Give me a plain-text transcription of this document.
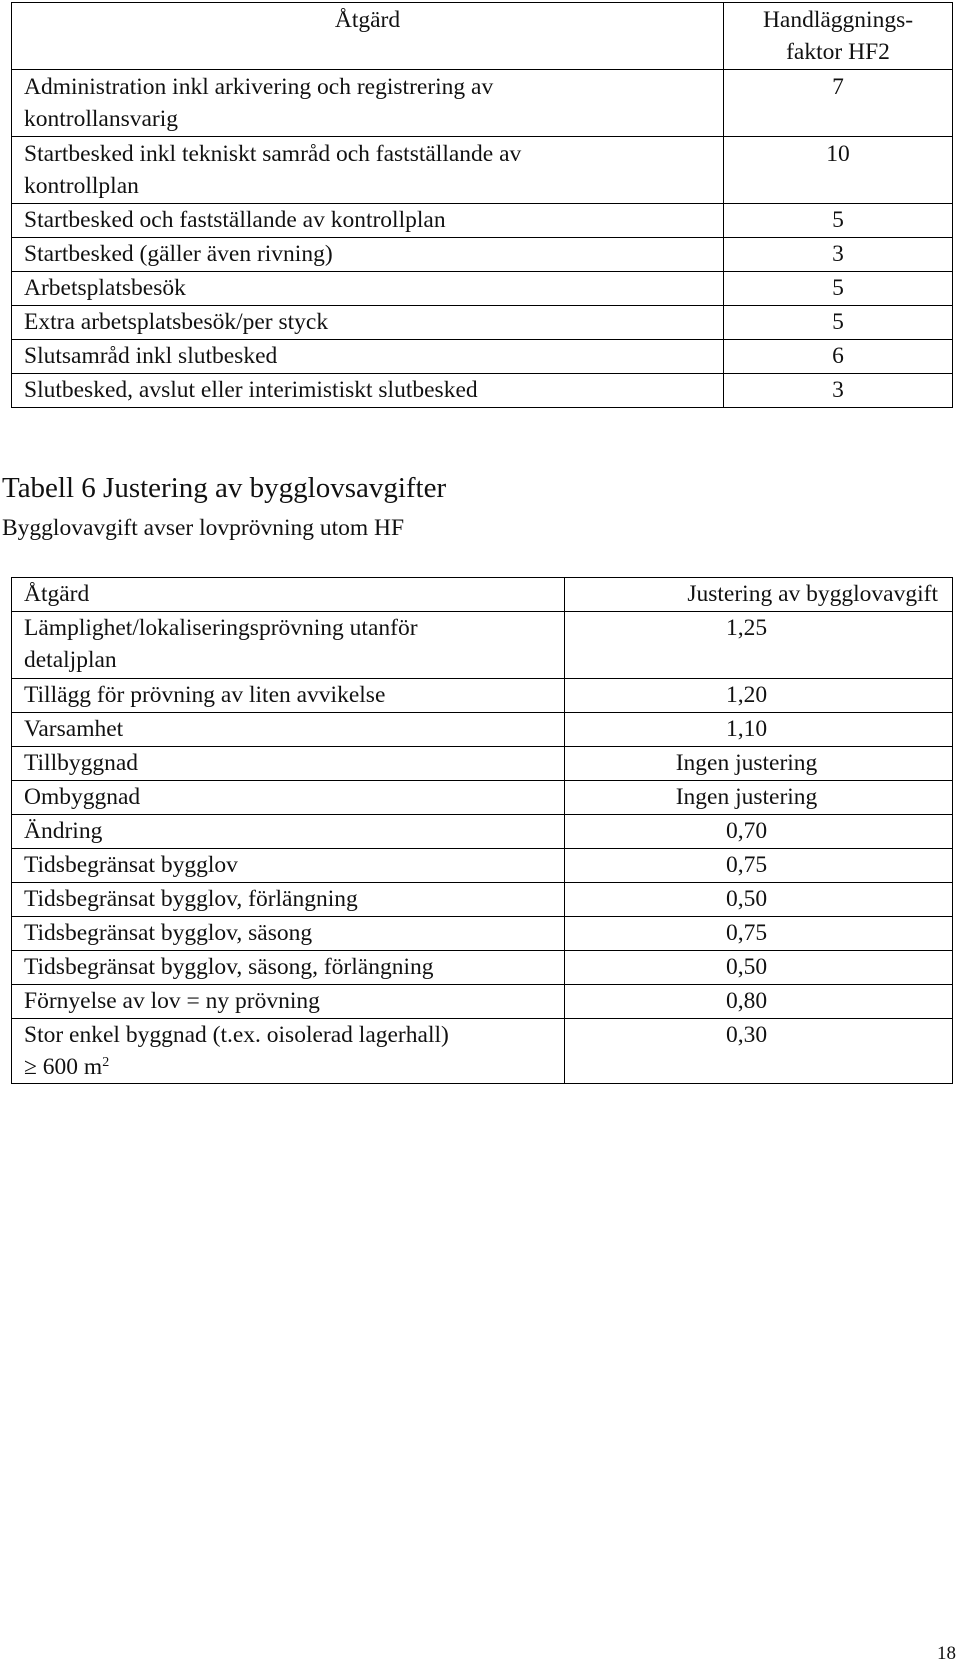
Åtgärd	Handläggnings-
faktor HF2

Administration inkl arkivering och registrering av
kontrollansvarig	7

Startbesked inkl tekniskt samråd och fastställande av
kontrollplan	10
Startbesked och fastställande av kontrollplan	5
Startbesked (gäller även rivning)	3
Arbetsplatsbesök	5
Extra arbetsplatsbesök/per styck	5
Slutsamråd inkl slutbesked	6
Slutbesked, avslut eller interimistiskt slutbesked	3
Tabell 6 Justering av bygglovsavgifter
Bygglovavgift avser lovprövning utom HF
Åtgärd	Justering av bygglovavgift

Lämplighet/lokaliseringsprövning utanför
detaljplan	1,25
Tillägg för prövning av liten avvikelse	1,20
Varsamhet	1,10
Tillbyggnad	Ingen justering
Ombyggnad	Ingen justering
Ändring	0,70
Tidsbegränsat bygglov	0,75
Tidsbegränsat bygglov, förlängning	0,50
Tidsbegränsat bygglov, säsong	0,75
Tidsbegränsat bygglov, säsong, förlängning	0,50
Förnyelse av lov = ny prövning	0,80

Stor enkel byggnad (t.ex. oisolerad lagerhall)
≥ 600 $m^2$	0,30
18
